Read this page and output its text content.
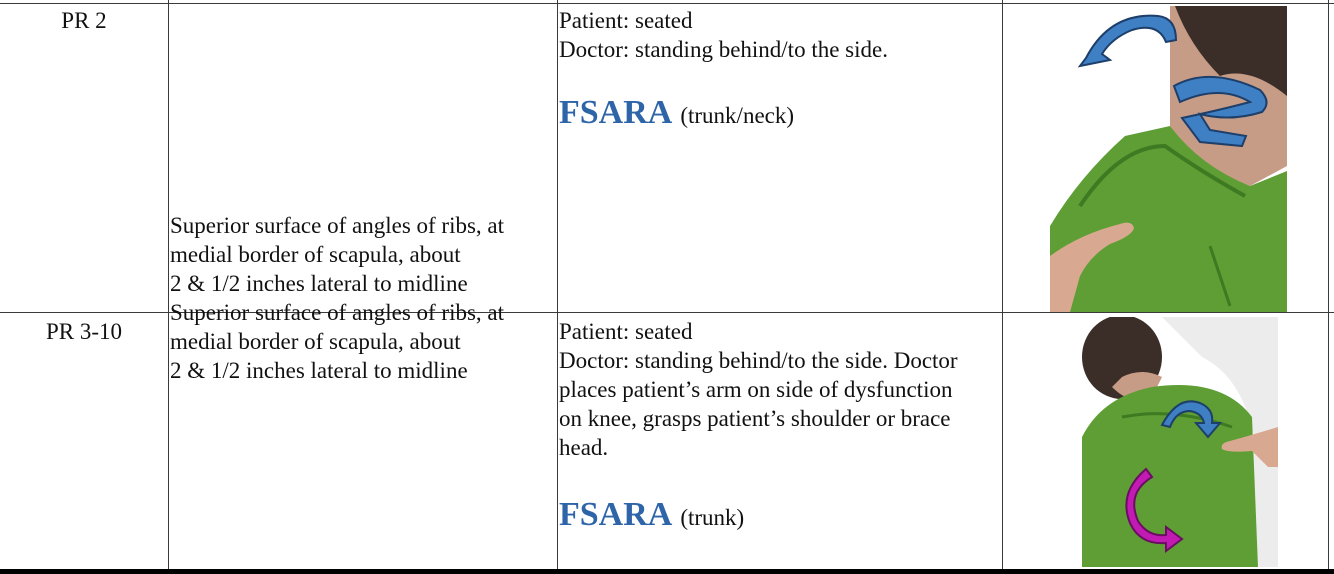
PR 2
Superior surface of angles of ribs, at
medial border of scapula, about
2 & 1/2 inches lateral to midline
Patient: seated
Doctor: standing behind/to the side.
FSARA (trunk/neck)
PR 3-10
Superior surface of angles of ribs, at
medial border of scapula, about
2 & 1/2 inches lateral to midline
Patient: seated
Doctor: standing behind/to the side. Doctor
places patient’s arm on side of dysfunction
on knee, grasps patient’s shoulder or brace
head.
FSARA (trunk)
